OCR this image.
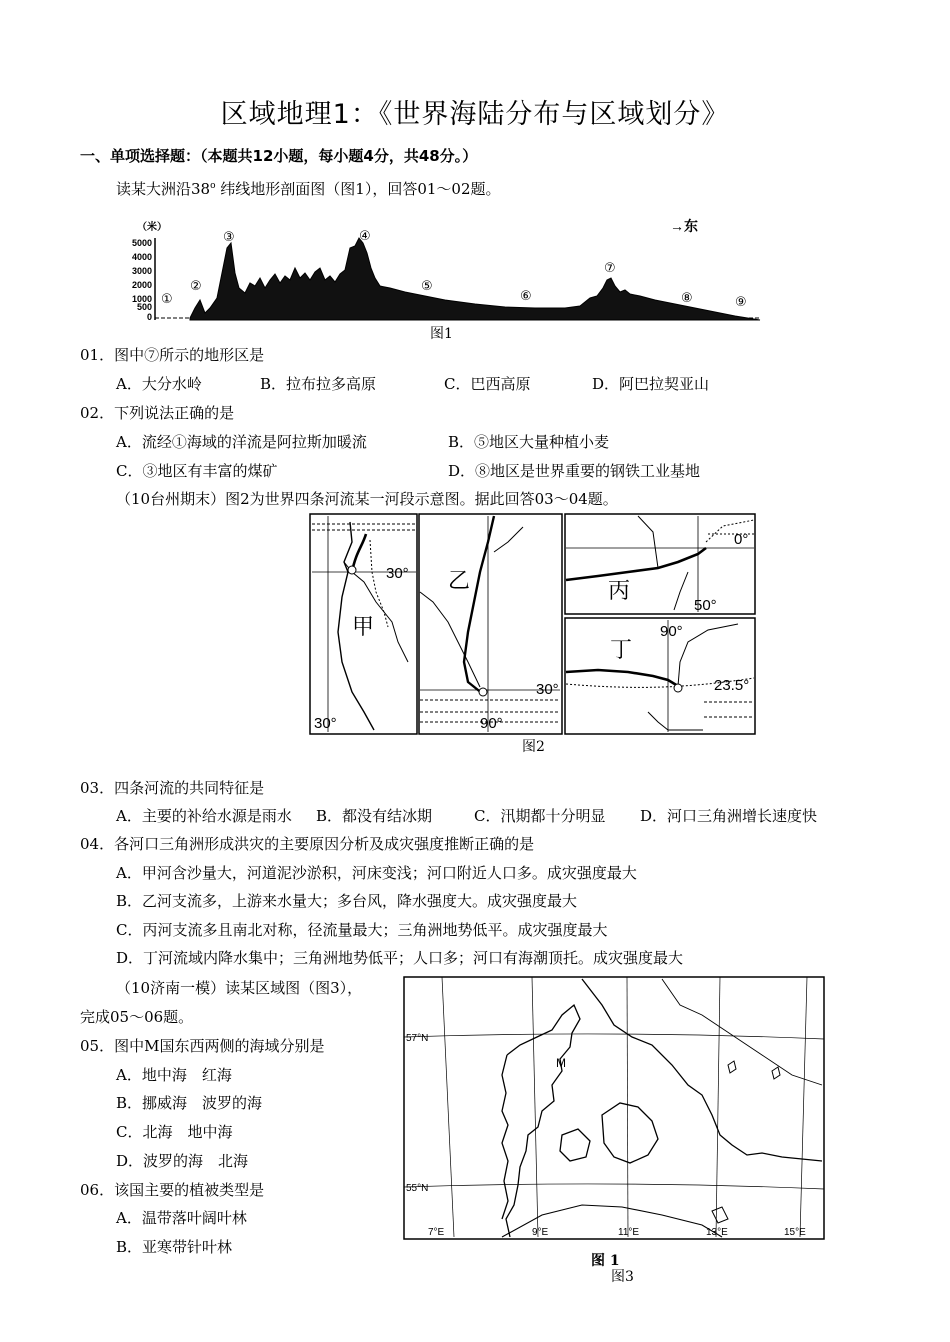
区域地理1：《世界海陆分布与区域划分》
一、单项选择题：（本题共12小题，每小题4分，共48分。）
读某大洲沿38$^o$ 纬线地形剖面图（图1），回答01～02题。
（米）	→东
5000
4000
3000
2000
1000
500
0
①
②
③	④
⑤
⑥
⑦
⑧	⑨
图1
01．图中⑦所示的地形区是
A．大分水岭	B．拉布拉多高原	C．巴西高原	D．阿巴拉契亚山
02．下列说法正确的是
A．流经①海域的洋流是阿拉斯加暖流	B．⑤地区大量种植小麦
C．③地区有丰富的煤矿	D．⑧地区是世界重要的钢铁工业基地
（10台州期末）图2为世界四条河流某一河段示意图。据此回答03～04题。
30°
30°
甲
乙
30°
90°
0°
丙
50°
90°
丁
23.5°
图2
03．四条河流的共同特征是
A．主要的补给水源是雨水 B．都没有结冰期	C．汛期都十分明显 D．河口三角洲增长速度快
04．各河口三角洲形成洪灾的主要原因分析及成灾强度推断正确的是
A．甲河含沙量大，河道泥沙淤积，河床变浅；河口附近人口多。成灾强度最大
B．乙河支流多，上游来水量大；多台风，降水强度大。成灾强度最大
C．丙河支流多且南北对称，径流量最大；三角洲地势低平。成灾强度最大
D．丁河流域内降水集中；三角洲地势低平；人口多；河口有海潮顶托。成灾强度最大
（10济南一模）读某区域图（图3），
完成05～06题。
05．图中M国东西两侧的海域分别是
A．地中海　红海
B．挪威海　波罗的海
C．北海　地中海
D．波罗的海　北海
06．该国主要的植被类型是
A．温带落叶阔叶林
B．亚寒带针叶林
M
57°N
55°N
7°E	9°E	11°E	13°E	15°E
图 1
图3
